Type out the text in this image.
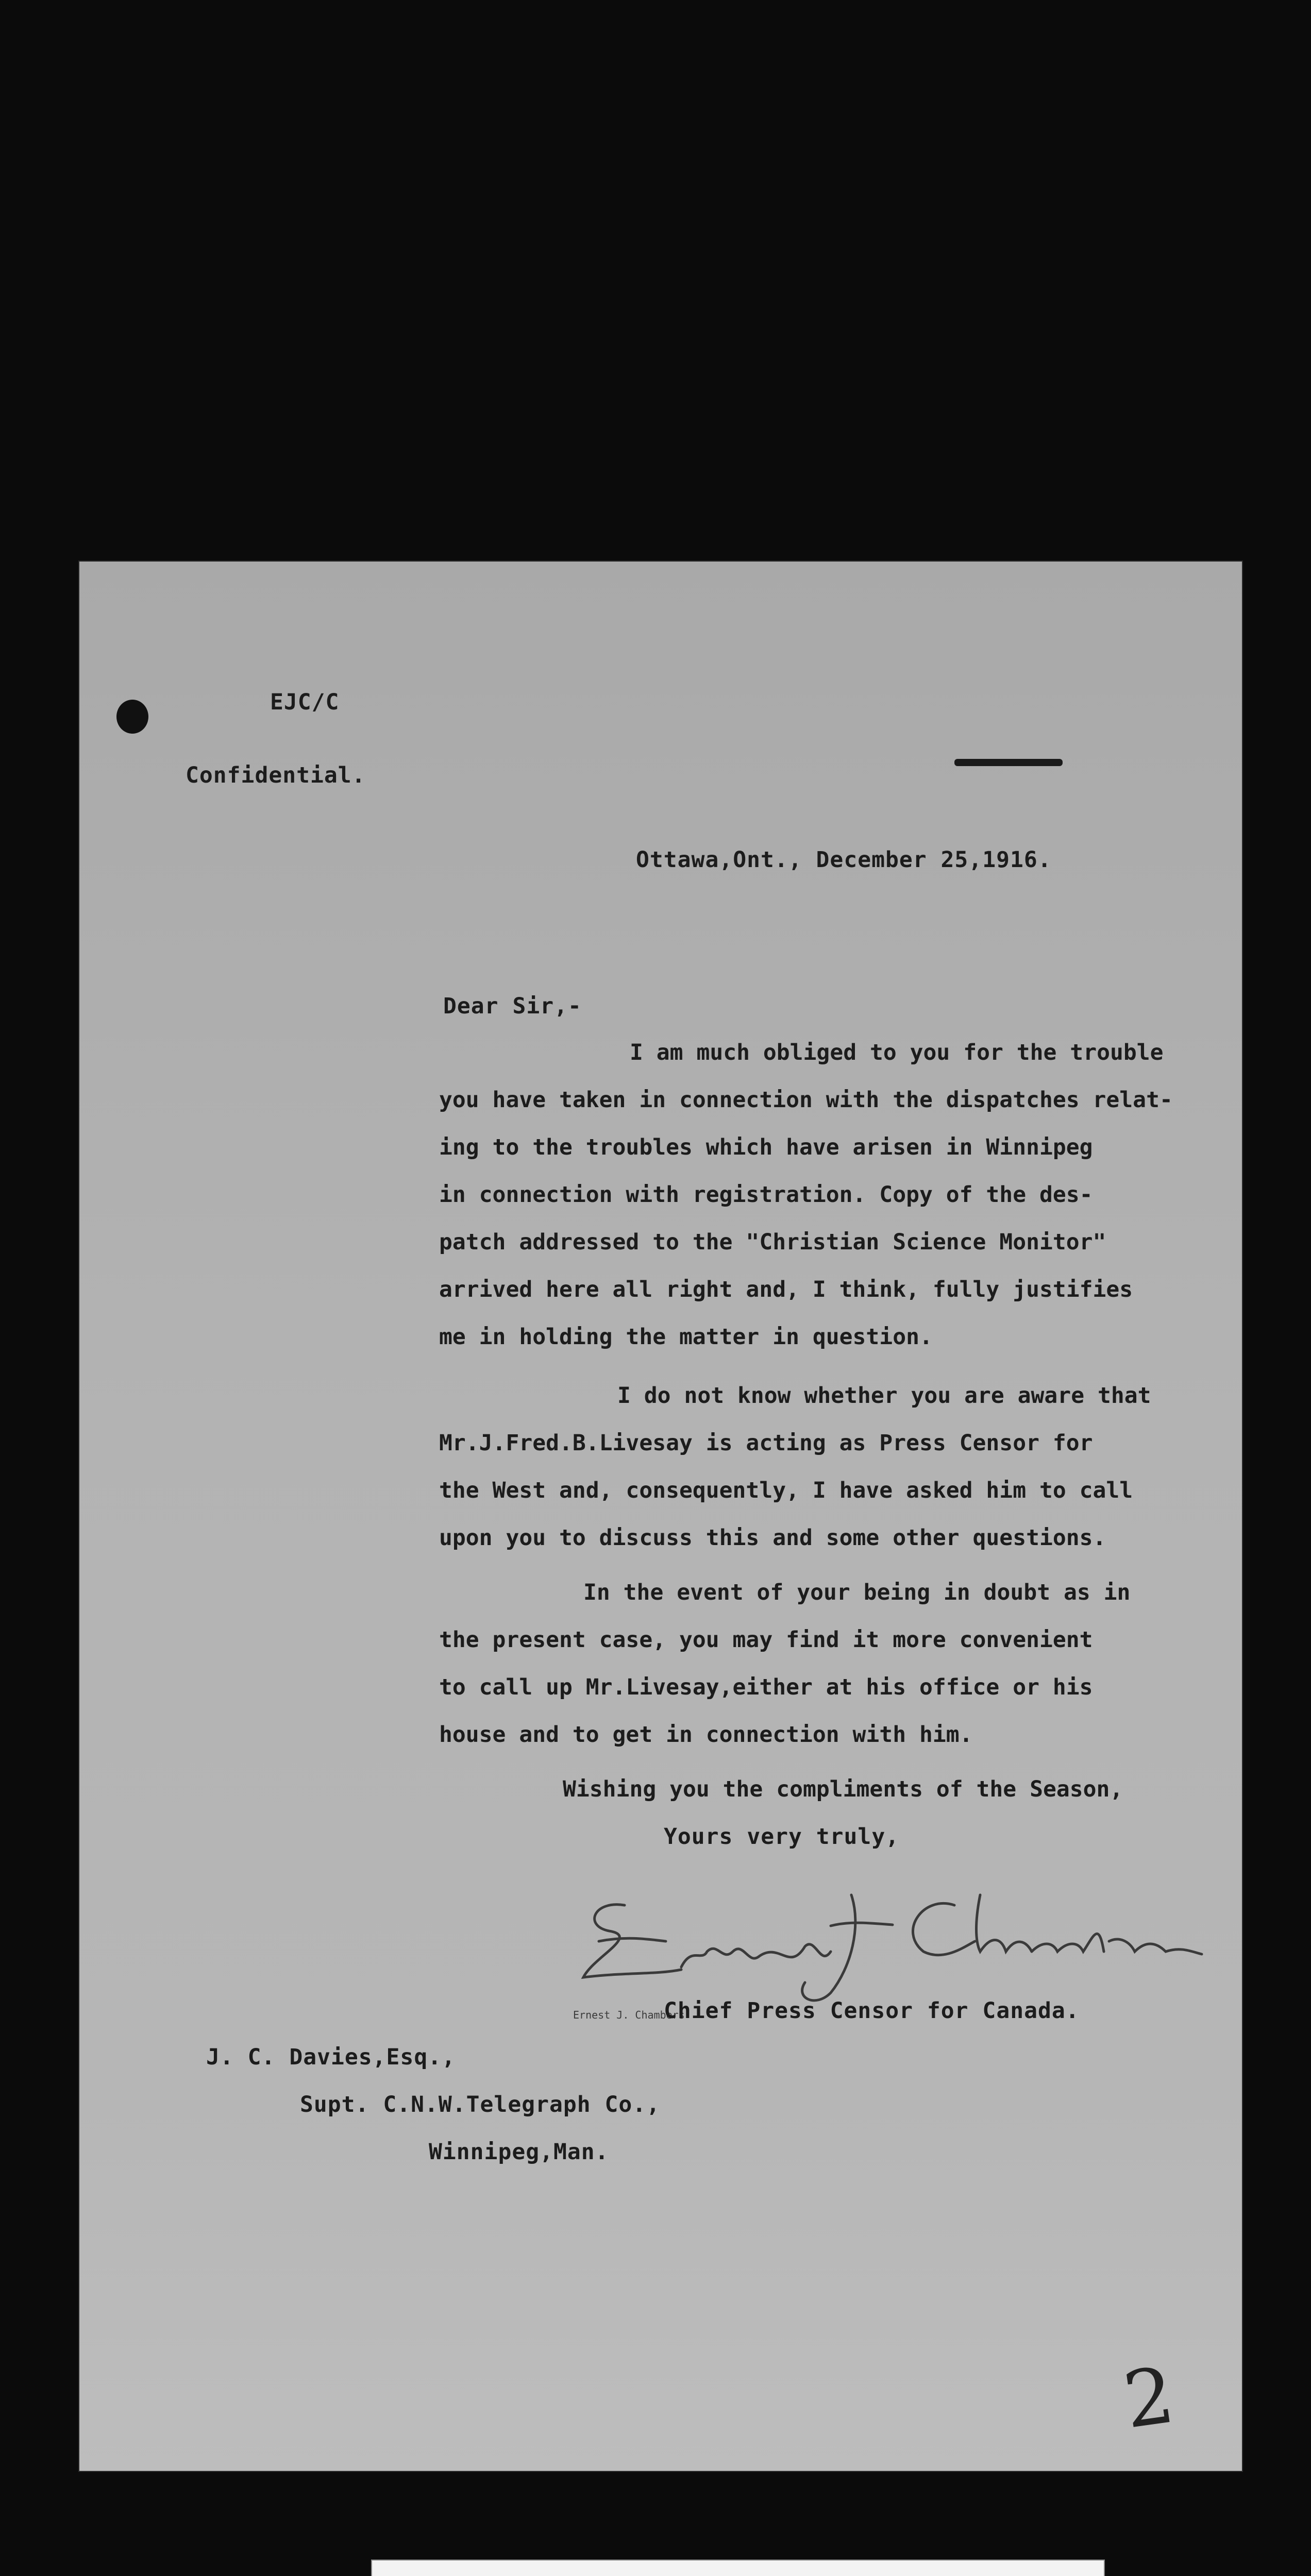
EJC/C
Confidential.
Ottawa,Ont., December 25,1916.
Dear Sir,-
I am much obliged to you for the trouble
you have taken in connection with the dispatches relat-
ing to the troubles which have arisen in Winnipeg
in connection with registration. Copy of the des-
patch addressed to the "Christian Science Monitor"
arrived here all right and, I think, fully justifies
me in holding the matter in question.
I do not know whether you are aware that
Mr.J.Fred.B.Livesay is acting as Press Censor for
the West and, consequently, I have asked him to call
upon you to discuss this and some other questions.
In the event of your being in doubt as in
the present case, you may find it more convenient
to call up Mr.Livesay,either at his office or his
house and to get in connection with him.
Wishing you the compliments of the Season,
Yours very truly,
Ernest J. Chambers
Chief Press Censor for Canada.
J. C. Davies,Esq.,
Supt. C.N.W.Telegraph Co.,
Winnipeg,Man.
2
